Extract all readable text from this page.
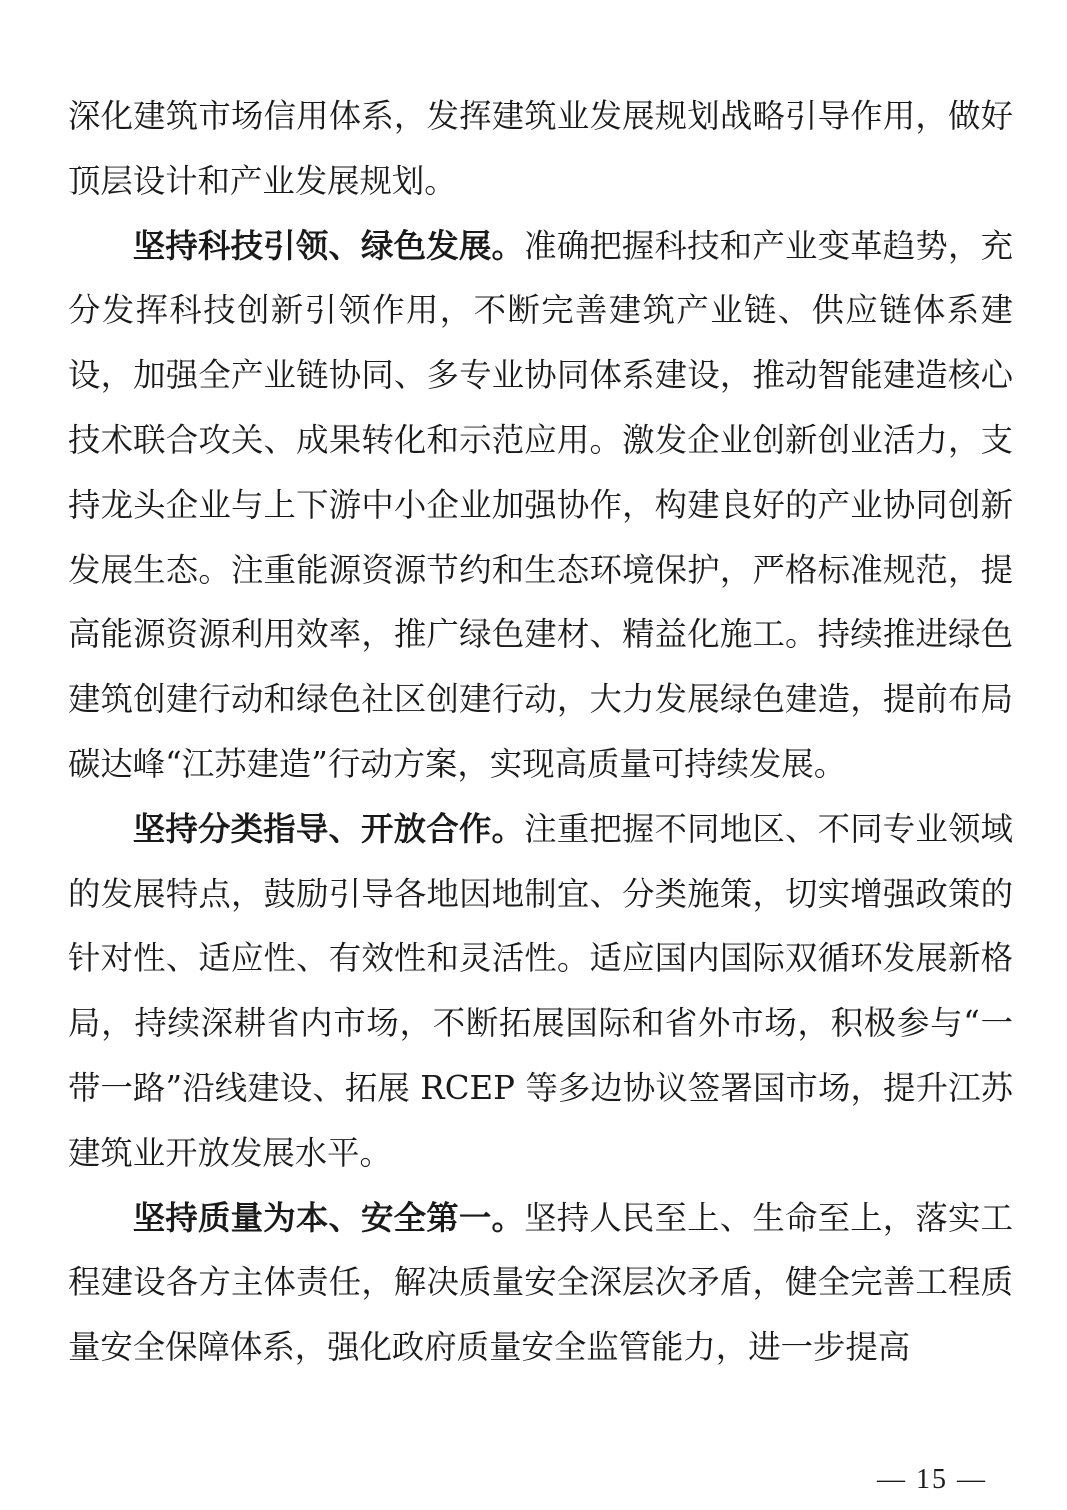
深化建筑市场信用体系，发挥建筑业发展规划战略引导作用，做好顶层设计和产业发展规划。

坚持科技引领、绿色发展。准确把握科技和产业变革趋势，充分发挥科技创新引领作用，不断完善建筑产业链、供应链体系建设，加强全产业链协同、多专业协同体系建设，推动智能建造核心技术联合攻关、成果转化和示范应用。激发企业创新创业活力，支持龙头企业与上下游中小企业加强协作，构建良好的产业协同创新发展生态。注重能源资源节约和生态环境保护，严格标准规范，提高能源资源利用效率，推广绿色建材、精益化施工。持续推进绿色建筑创建行动和绿色社区创建行动，大力发展绿色建造，提前布局碳达峰“江苏建造”行动方案，实现高质量可持续发展。

坚持分类指导、开放合作。注重把握不同地区、不同专业领域的发展特点，鼓励引导各地因地制宜、分类施策，切实增强政策的针对性、适应性、有效性和灵活性。适应国内国际双循环发展新格局，持续深耕省内市场，不断拓展国际和省外市场，积极参与“一带一路”沿线建设、拓展 RCEP 等多边协议签署国市场，提升江苏建筑业开放发展水平。

坚持质量为本、安全第一。坚持人民至上、生命至上，落实工程建设各方主体责任，解决质量安全深层次矛盾，健全完善工程质量安全保障体系，强化政府质量安全监管能力，进一步提高

— 15 —
